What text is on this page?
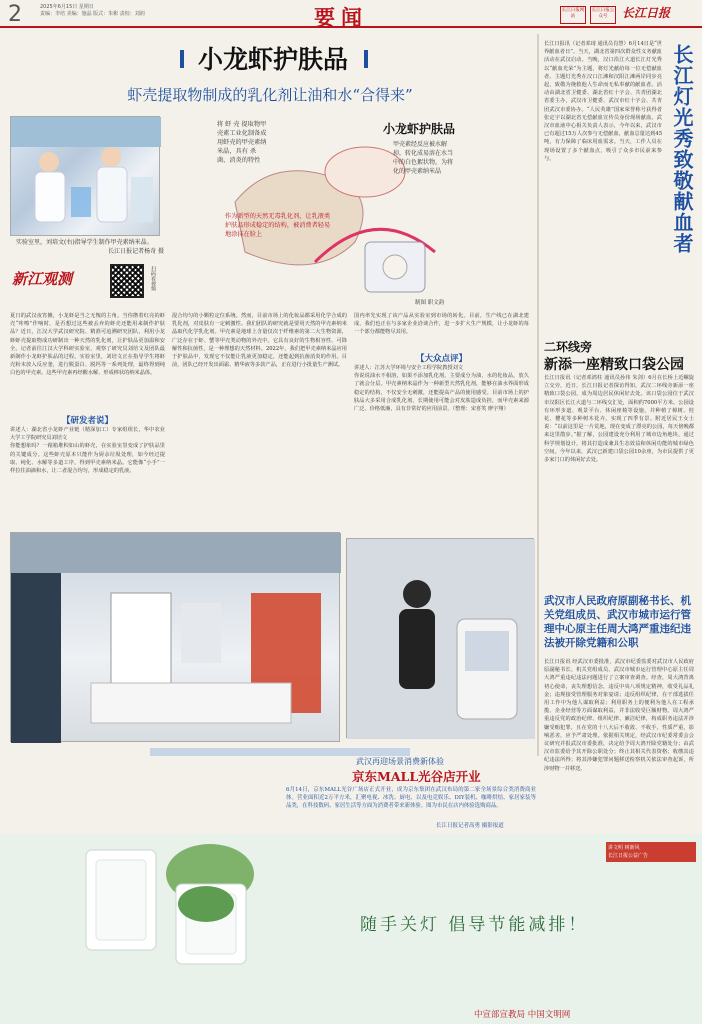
2	2025年6月15日 星期日
责编：李培 美编：施晶 版式：朱彬 责校：刘润	要闻	长江日报网站
长江日报公众号	长江日报
小龙虾护肤品
虾壳提取物制成的乳化剂让油和水“合得来”
实验室里，刘培文(右)指导学生制作甲壳素纳米晶。
长江日报记者杨奇 摄
将 虾 壳 提取物甲壳素工业化制备成用虾壳的甲壳素纳米晶，具有 杀 菌、消炎的特性
小龙虾护肤品
甲壳素经反应被水解掉，转化成易溶在水当中的白色絮状物，为将化的甲壳素纳米晶
作为新型的天然无毒乳化剂，让乳液类护肤品形成稳定的结构，被消费者轻易地涂抹在脸上
制图 职文韵
新江观测	扫码看视频
夏日的武汉夜宵摊，小龙虾是当之无愧的主角。当你撸着红亮的虾壳“咔嚓”作响时，是否想过这些被丢弃的虾壳还能用来制作护肤品？近日，江汉大学武汉研究院、精准可追溯研究团队，利用小龙虾虾壳提取物成功研制出一种天然的乳化剂，让护肤品更加温和安全。记者前往江汉大学科研实验室，观察了研究员刘培文及团队最新制作小龙虾护肤品的过程。实验室里，刘培文正在指导学生将虾壳粉末放入反应釜，进行脱蛋白、脱钙等一系列处理，最终得到纯白色的甲壳素。这些甲壳素再经酸水解，形成棒状的纳米晶体。
【研发者说】
讲述人：湖北省小龙虾产业链（精深加工）专家组组长，华中农业大学工学院研究员刘培文
你能想象吗？一箱箱堆积如山的虾壳，在实验室里变成了护肤品里的关键成分。这些虾壳原本只能作为厨余垃圾处理，如今经过提取、纯化、水解等多道工序，得到甲壳素纳米晶。它能像“小手”一样拉住油滴和水，让二者混合均匀，形成稳定的乳液。
混合均匀的小颗粒定位系统。然而，目前市场上的化妆品都采用化学合成的乳化剂，对皮肤有一定刺激性。我们团队的研究就是要用天然的甲壳素纳米晶取代化学乳化剂。甲壳素是地球上含量仅次于纤维素的第二大生物资源，广泛存在于虾、蟹等甲壳类动物的外壳中。它具有良好的生物相容性、可降解性和抗菌性，是一种理想的天然材料。2022年，我们把甲壳素纳米晶应用于护肤品中，发现它不仅能让乳液更加稳定，还能起到抗菌消炎的作用。目前，团队已经开发出面霜、精华液等多款产品，正在进行小批量生产测试。
国内率先实现了该产品从实验室到市场的转化。目前，生产线已在湖北建成，我们也正在与多家企业洽谈合作，进一步扩大生产规模，让小龙虾的每一个部分都能物尽其用。
【大众点评】
讲述人：江苏大学环境与安全工程学院教授刘文
你说说油水不相溶，如果不添加乳化剂，主要成分为油、水的化妆品，放久了就会分层。甲壳素纳米晶作为一种新型天然乳化剂，能够在油水界面形成稳定的结构，不仅安全无刺激，还能提高产品的使用感受。目前市场上的护肤品大多采用合成乳化剂，长期使用可能会对皮肤造成负担，而甲壳素来源广泛、价格低廉，具有非常好的应用前景。（整理：宋喜笑 廖宇翔）
长江日报讯（记者邓琦 通讯员肖慧）6月14日是“世界献血者日”。当天，湖北省第四次群众性义务献血活动在武汉启动。当晚，汉口沿江大道长江灯光秀以“献血光荣”为主题，将灯光献给每一位无偿献血者。主题灯光秀在汉口江滩和汉阳江滩两岸同步亮起，致敬为挽救他人生命而无私奉献的献血者。活动由湖北省卫健委、湖北省红十字会、共青团湖北省委主办，武汉市卫健委、武汉市红十字会、共青团武汉市委协办。“人民英雄”国家荣誉称号获得者张定宇以湖北省无偿献血宣传员身份现场献血。武汉市血液中心相关负责人表示，今年以来，武汉市已有超过15万人次参与无偿献血，献血总量达到45吨，有力保障了临床用血需求。当天，工作人员在现场设置了多个献血点，吸引了众多市民前来参与。	长江灯光秀致敬献血者
二环线旁
新添一座精致口袋公园
长江日报讯（记者邓鸿柱 通讯员孙伟 朱剑）6月在长桥上近螺旋立交旁，近日，长江日报记者探访得知，武汉二环线旁新添一座精致口袋公园，成为周边居民休闲好去处。该口袋公园位于武汉市汉阳区长江大道与二环线交汇处，面积约7000平方米。公园设有环形步道、观景平台、休闲座椅等设施，并种植了樟树、桂花、樱花等多种树木花卉，实现了四季有景。附近居民王女士说：“以前这里是一片荒地，现在变成了漂亮的公园，每天傍晚都来这里散步。”据了解，公园建设充分利用了城市边角地块，通过科学规划设计，将其打造成兼具生态效益和休闲功能的城市绿色空间。今年以来，武汉已新建口袋公园10余座，为市民提供了更多家门口的休闲好去处。
武汉市人民政府原副秘书长、机关党组成员、武汉市城市运行管理中心原主任周大鸿严重违纪违法被开除党籍和公职
长江日报讯 经武汉市委批准，武汉市纪委监委对武汉市人民政府原副秘书长、机关党组成员、武汉市城市运行管理中心原主任周大鸿严重违纪违法问题进行了立案审查调查。经查，周大鸿背离初心使命，丧失理想信念，违反中央八项规定精神，收受礼品礼金；违规接受管理服务对象宴请；违反组织纪律，在干部选拔任用工作中为他人谋取利益；利用职务上的便利为他人在工程承揽、企业经营等方面谋取利益，并非法收受巨额财物。周大鸿严重违反党的政治纪律、组织纪律、廉洁纪律，构成职务违法并涉嫌受贿犯罪，且在党的十八大后不收敛、不收手，性质严重，影响恶劣，应予严肃处理。依据相关规定，经武汉市纪委常委会会议研究并报武汉市委批准，决定给予周大鸿开除党籍处分；由武汉市监委给予其开除公职处分；终止其相关代表资格；收缴其违纪违法所得；将其涉嫌犯罪问题移送检察机关依法审查起诉，所涉财物一并移送。
武汉再迎场景消费新体验
京东MALL光谷店开业
6月14日，京东MALL光谷广场店正式开业，成为京东集团在武汉布局的第二家全场景综合类消费商业体。营业面积近2万平方米，汇聚电视、冰洗、厨电、以及电竞娱乐、DIY装机、咖啡烘焙、家居家装等品类，在科技数码、家居生活等方面为消费者带来新体验。图为市民在店内体验选购商品。
长江日报记者高勇 摄影报道
随手关灯 倡导节能减排！
讲文明 树新风
长江日报公益广告
中宣部宣教局 中国文明网
